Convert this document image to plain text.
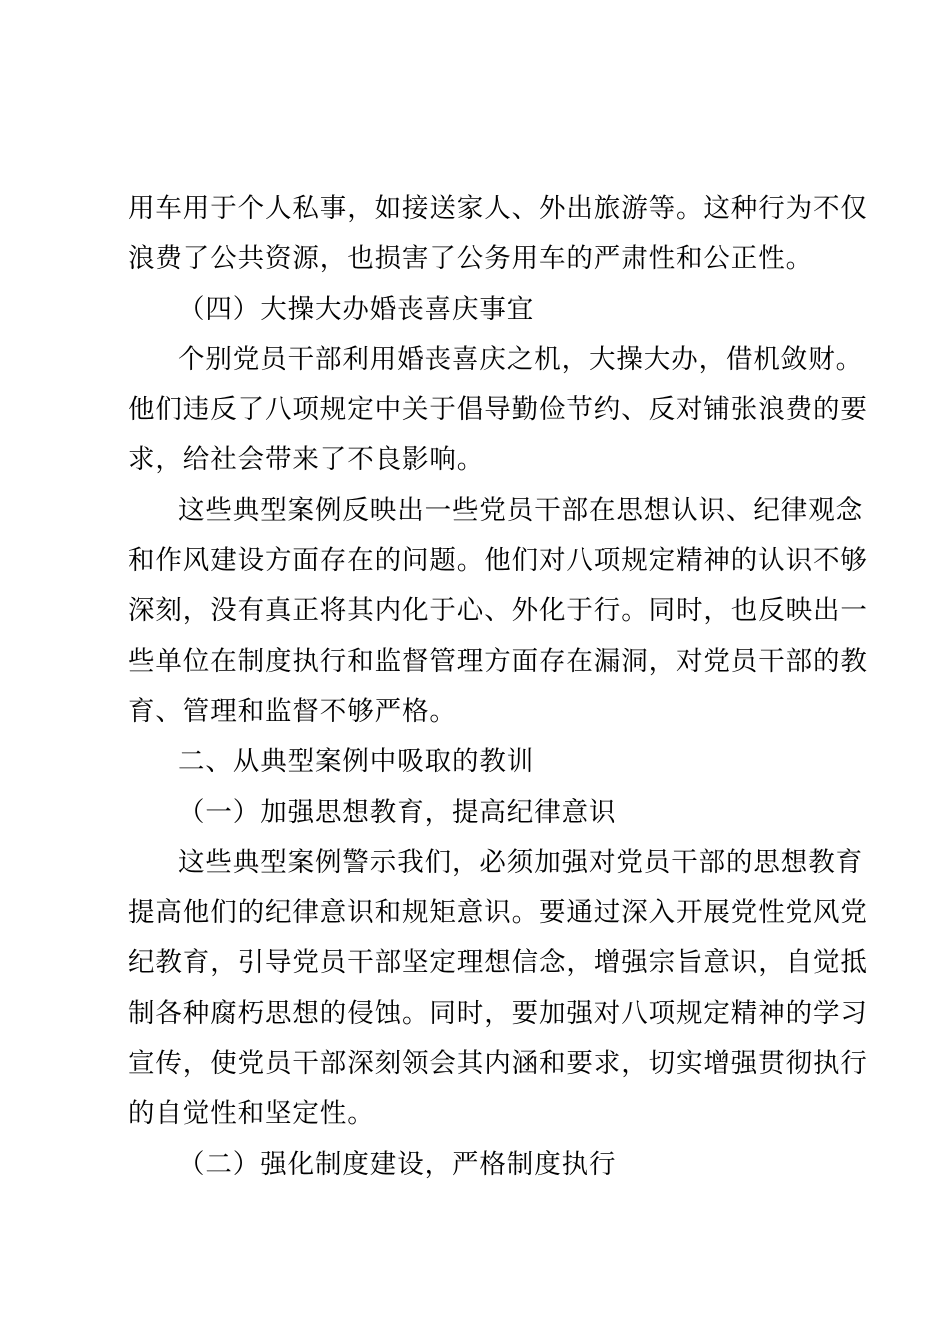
用车用于个人私事，如接送家人、外出旅游等。这种行为不仅
浪费了公共资源，也损害了公务用车的严肃性和公正性。

（四）大操大办婚丧喜庆事宜

个别党员干部利用婚丧喜庆之机，大操大办，借机敛财。
他们违反了八项规定中关于倡导勤俭节约、反对铺张浪费的要
求，给社会带来了不良影响。

这些典型案例反映出一些党员干部在思想认识、纪律观念
和作风建设方面存在的问题。他们对八项规定精神的认识不够
深刻，没有真正将其内化于心、外化于行。同时，也反映出一
些单位在制度执行和监督管理方面存在漏洞，对党员干部的教
育、管理和监督不够严格。

二、从典型案例中吸取的教训

（一）加强思想教育，提高纪律意识

这些典型案例警示我们，必须加强对党员干部的思想教育
提高他们的纪律意识和规矩意识。要通过深入开展党性党风党
纪教育，引导党员干部坚定理想信念，增强宗旨意识，自觉抵
制各种腐朽思想的侵蚀。同时，要加强对八项规定精神的学习
宣传，使党员干部深刻领会其内涵和要求，切实增强贯彻执行
的自觉性和坚定性。

（二）强化制度建设，严格制度执行
